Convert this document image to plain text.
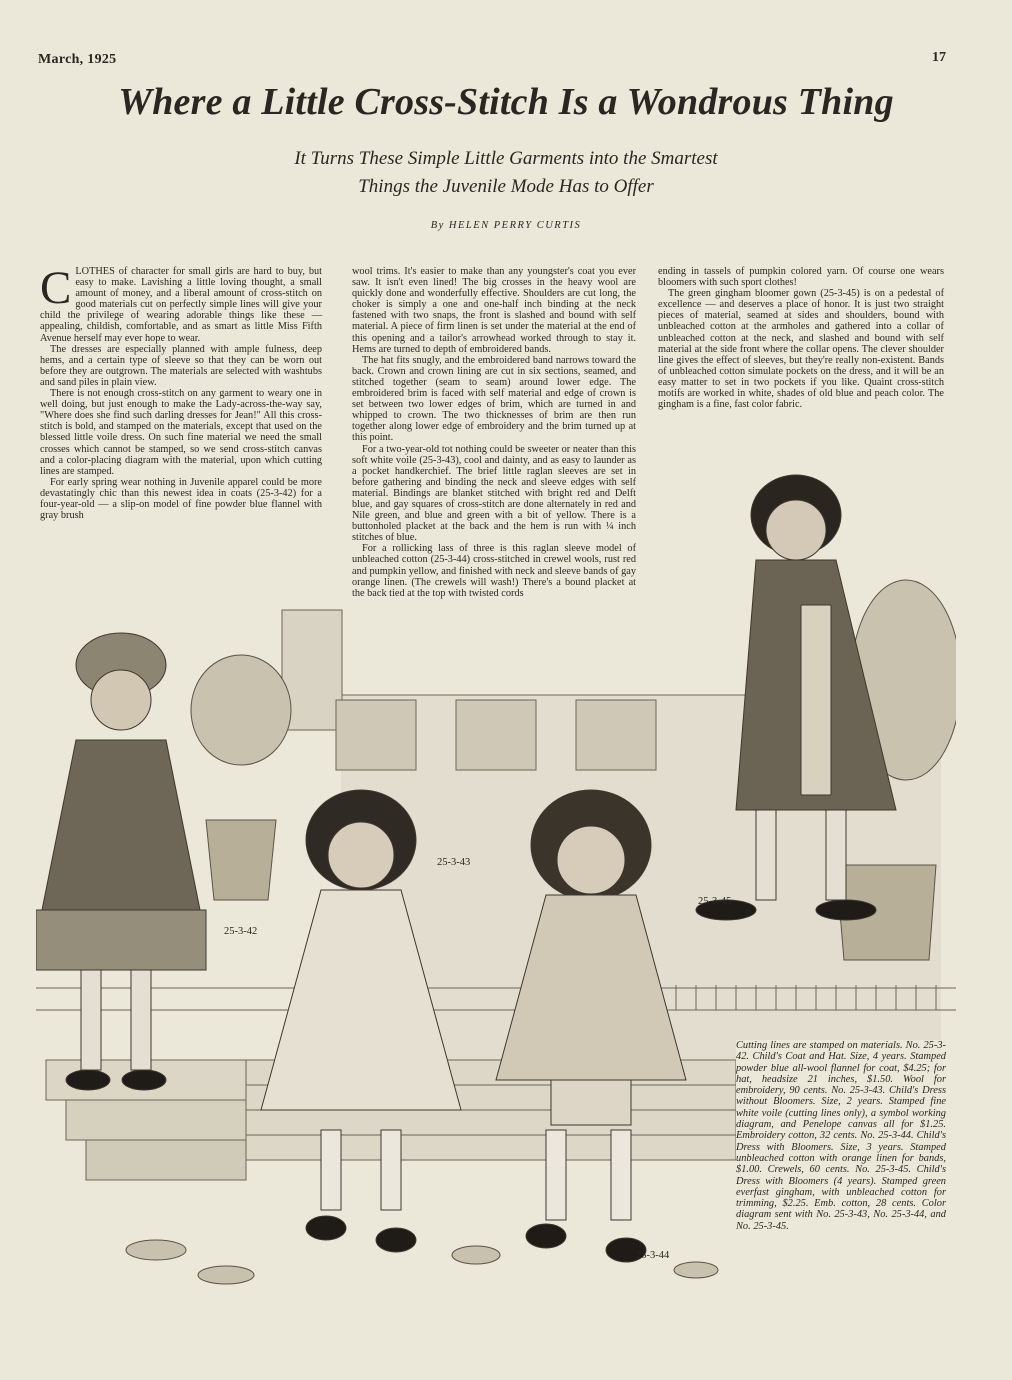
March, 1925	17
Where a Little Cross-Stitch Is a Wondrous Thing
It Turns These Simple Little Garments into the Smartest
Things the Juvenile Mode Has to Offer
By HELEN PERRY CURTIS
25-3-42
25-3-43
25-3-44
25-3-45

CLOTHES of character for small girls are hard to buy, but easy to make. Lavishing a little loving thought, a small amount of money, and a liberal amount of cross-stitch on good materials cut on perfectly simple lines will give your child the privilege of wearing adorable things like these — appealing, childish, comfortable, and as smart as little Miss Fifth Avenue herself may ever hope to wear.

The dresses are especially planned with ample fulness, deep hems, and a certain type of sleeve so that they can be worn out before they are outgrown. The materials are selected with washtubs and sand piles in plain view.

There is not enough cross-stitch on any garment to weary one in well doing, but just enough to make the Lady-across-the-way say, "Where does she find such darling dresses for Jean!" All this cross-stitch is bold, and stamped on the materials, except that used on the blessed little voile dress. On such fine material we need the small crosses which cannot be stamped, so we send cross-stitch canvas and a color-placing diagram with the material, upon which cutting lines are stamped.

For early spring wear nothing in Juvenile apparel could be more devastatingly chic than this newest idea in coats (25-3-42) for a four-year-old — a slip-on model of fine powder blue flannel with gray brush

wool trims. It's easier to make than any youngster's coat you ever saw. It isn't even lined! The big crosses in the heavy wool are quickly done and wonderfully effective. Shoulders are cut long, the choker is simply a one and one-half inch binding at the neck fastened with two snaps, the front is slashed and bound with self material. A piece of firm linen is set under the material at the end of this opening and a tailor's arrowhead worked through to stay it. Hems are turned to depth of embroidered bands.

The hat fits snugly, and the embroidered band narrows toward the back. Crown and crown lining are cut in six sections, seamed, and stitched together (seam to seam) around lower edge. The embroidered brim is faced with self material and edge of crown is set between two lower edges of brim, which are turned in and whipped to crown. The two thicknesses of brim are then run together along lower edge of embroidery and the brim turned up at this point.

For a two-year-old tot nothing could be sweeter or neater than this soft white voile (25-3-43), cool and dainty, and as easy to launder as a pocket handkerchief. The brief little raglan sleeves are set in before gathering and binding the neck and sleeve edges with self material. Bindings are blanket stitched with bright red and Delft blue, and gay squares of cross-stitch are done alternately in red and Nile green, and blue and green with a bit of yellow. There is a buttonholed placket at the back and the hem is run with ¼ inch stitches of blue.

For a rollicking lass of three is this raglan sleeve model of unbleached cotton (25-3-44) cross-stitched in crewel wools, rust red and pumpkin yellow, and finished with neck and sleeve bands of gay orange linen. (The crewels will wash!) There's a bound placket at the back tied at the top with twisted cords

ending in tassels of pumpkin colored yarn. Of course one wears bloomers with such sport clothes!

The green gingham bloomer gown (25-3-45) is on a pedestal of excellence — and deserves a place of honor. It is just two straight pieces of material, seamed at sides and shoulders, bound with unbleached cotton at the armholes and gathered into a collar of unbleached cotton at the neck, and slashed and bound with self material at the side front where the collar opens. The clever shoulder line gives the effect of sleeves, but they're really non-existent. Bands of unbleached cotton simulate pockets on the dress, and it will be an easy matter to set in two pockets if you like. Quaint cross-stitch motifs are worked in white, shades of old blue and peach color. The gingham is a fine, fast color fabric.

Cutting lines are stamped on materials. No. 25-3-42. Child's Coat and Hat. Size, 4 years. Stamped powder blue all-wool flannel for coat, $4.25; for hat, headsize 21 inches, $1.50. Wool for embroidery, 90 cents. No. 25-3-43. Child's Dress without Bloomers. Size, 2 years. Stamped fine white voile (cutting lines only), a symbol working diagram, and Penelope canvas all for $1.25. Embroidery cotton, 32 cents. No. 25-3-44. Child's Dress with Bloomers. Size, 3 years. Stamped unbleached cotton with orange linen for bands, $1.00. Crewels, 60 cents. No. 25-3-45. Child's Dress with Bloomers (4 years). Stamped green everfast gingham, with unbleached cotton for trimming, $2.25. Emb. cotton, 28 cents. Color diagram sent with No. 25-3-43, No. 25-3-44, and No. 25-3-45.
